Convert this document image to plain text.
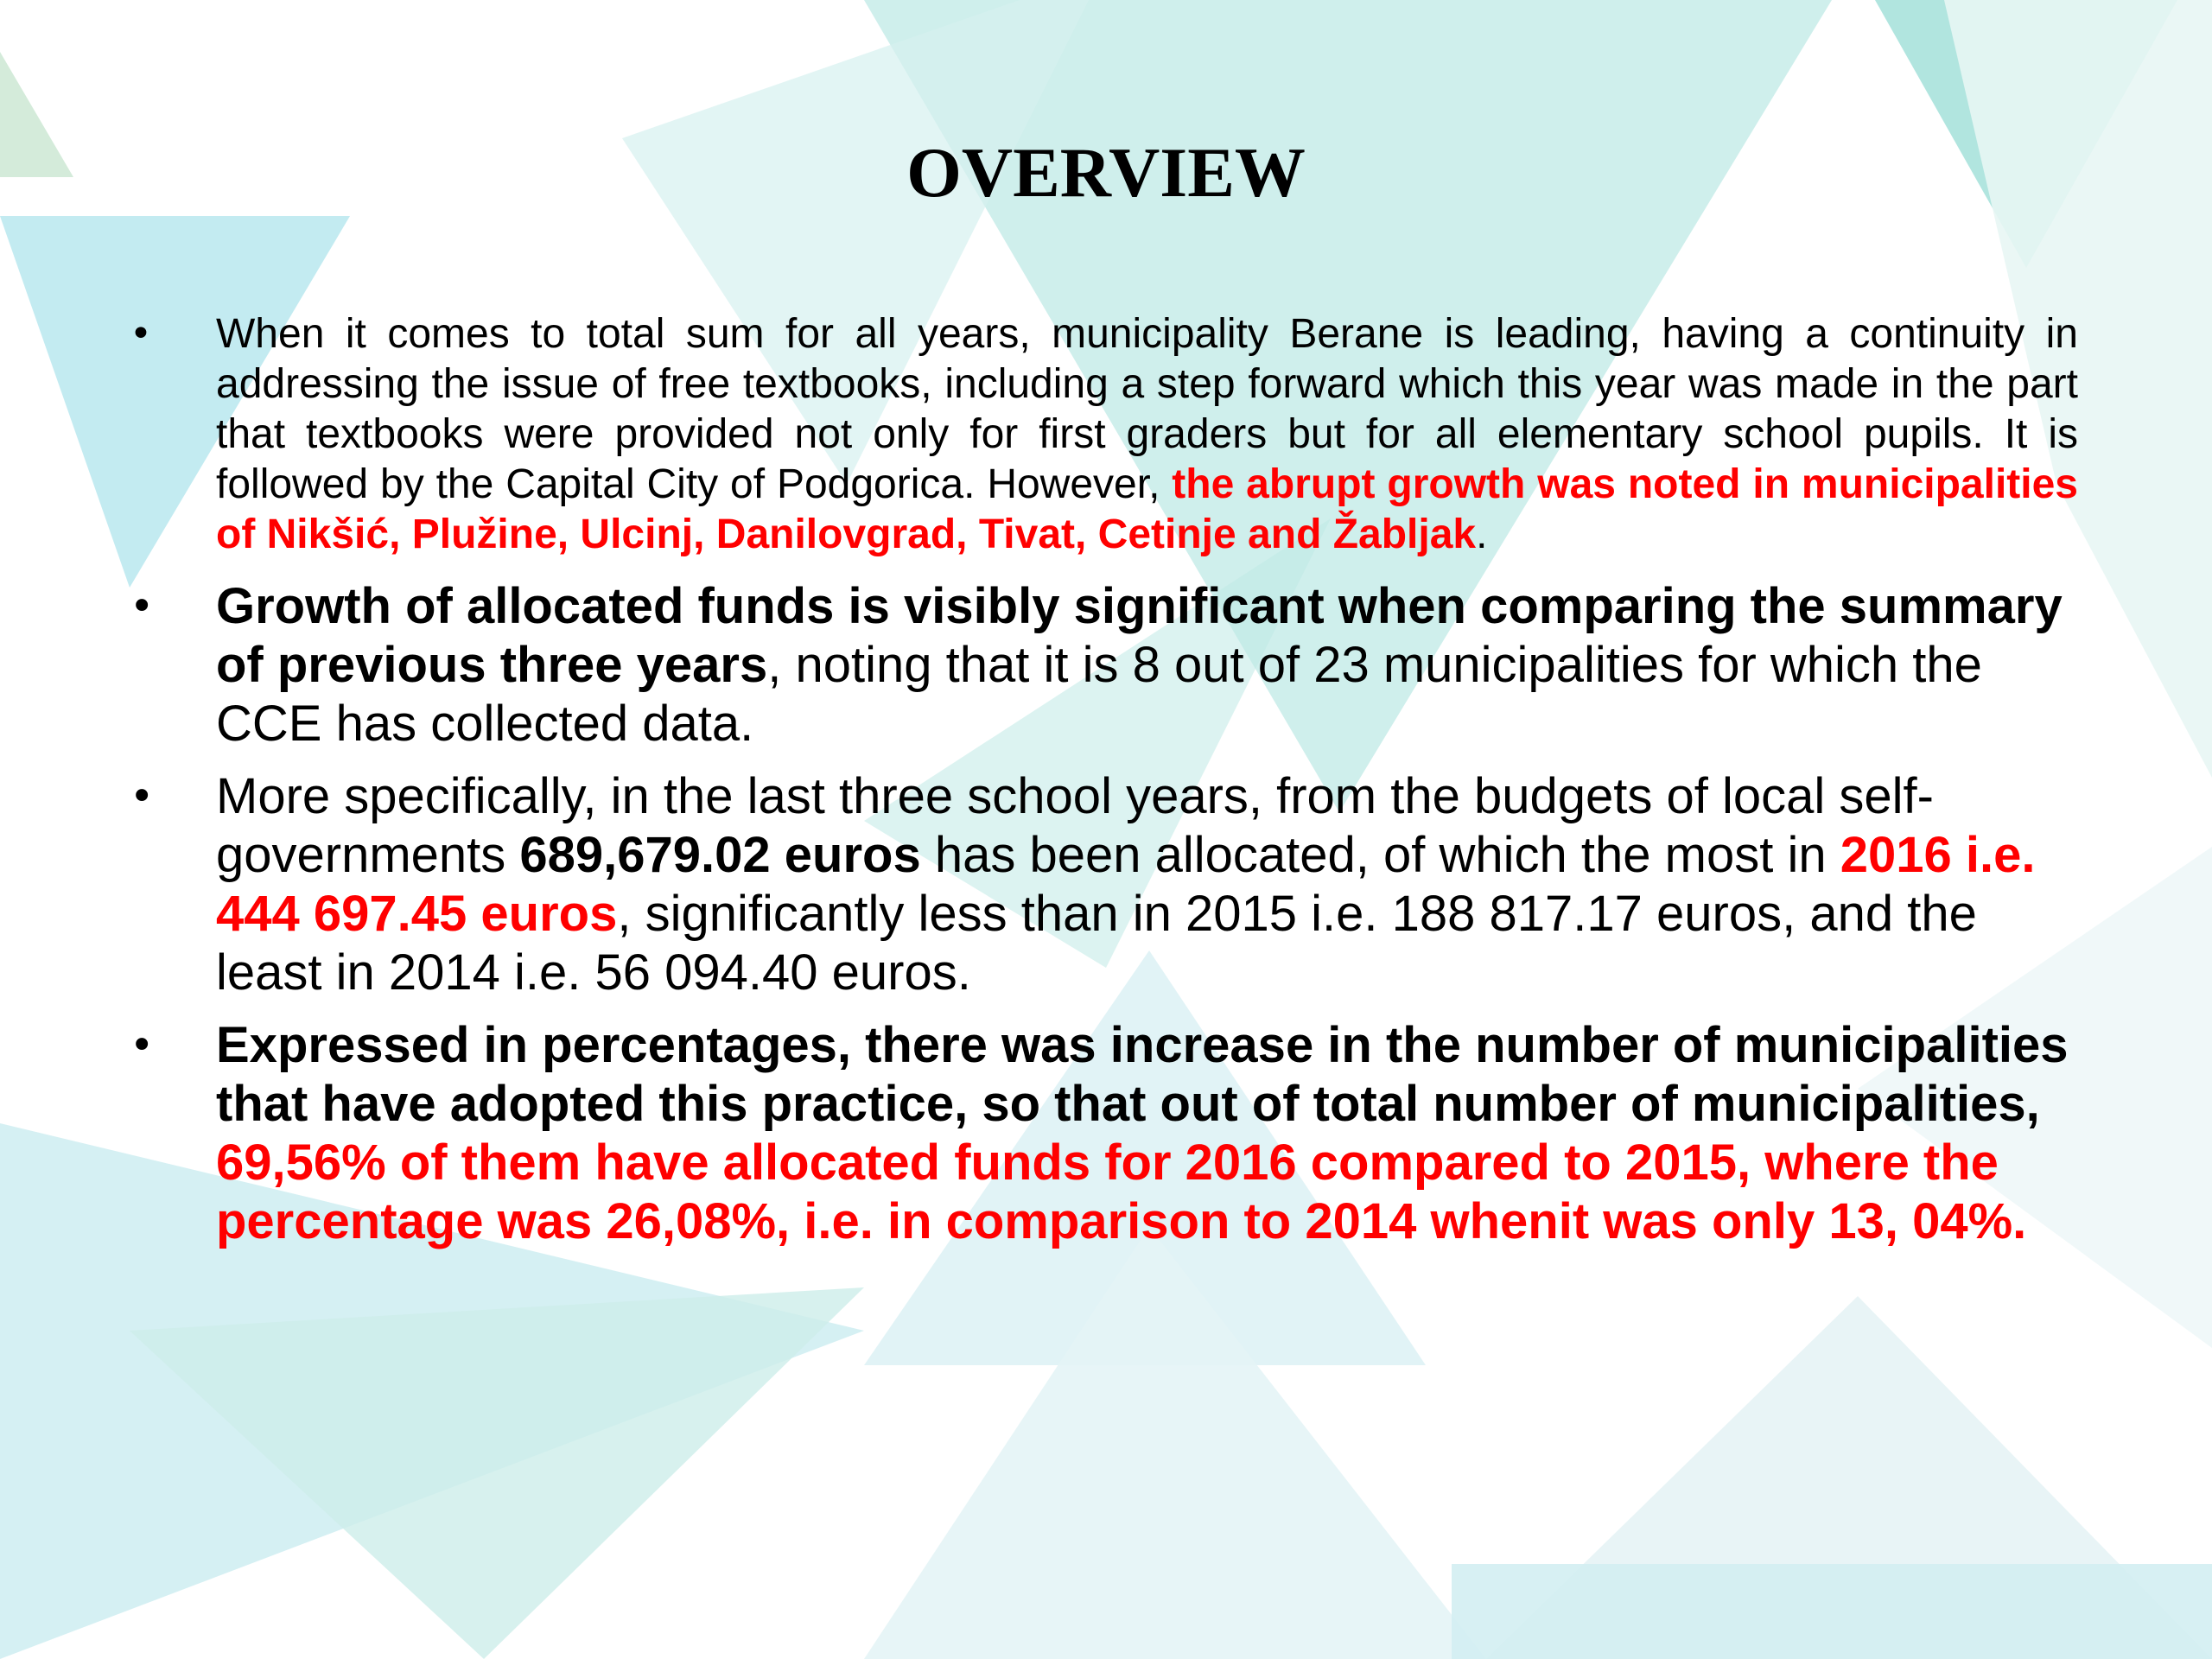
OVERVIEW
• When it comes to total sum for all years, municipality Berane is leading, having a continuity in addressing the issue of free textbooks, including a step forward which this year was made in the part that textbooks were provided not only for first graders but for all elementary school pupils. It is followed by the Capital City of Podgorica. However, the abrupt growth was noted in municipalities of Nikšić, Plužine, Ulcinj, Danilovgrad, Tivat, Cetinje and Žabljak.
• Growth of allocated funds is visibly significant when comparing the summary of previous three years, noting that it is 8 out of 23 municipalities for which the CCE has collected data.
• More specifically, in the last three school years, from the budgets of local self-governments 689,679.02 euros has been allocated, of which the most in 2016 i.e. 444 697.45 euros, significantly less than in 2015 i.e. 188 817.17 euros, and the least in 2014 i.e. 56 094.40 euros.
• Expressed in percentages, there was increase in the number of municipalities that have adopted this practice, so that out of total number of municipalities, 69,56% of them have allocated funds for 2016 compared to 2015, where the percentage was 26,08%, i.e. in comparison to 2014 whenit was only 13, 04%.
